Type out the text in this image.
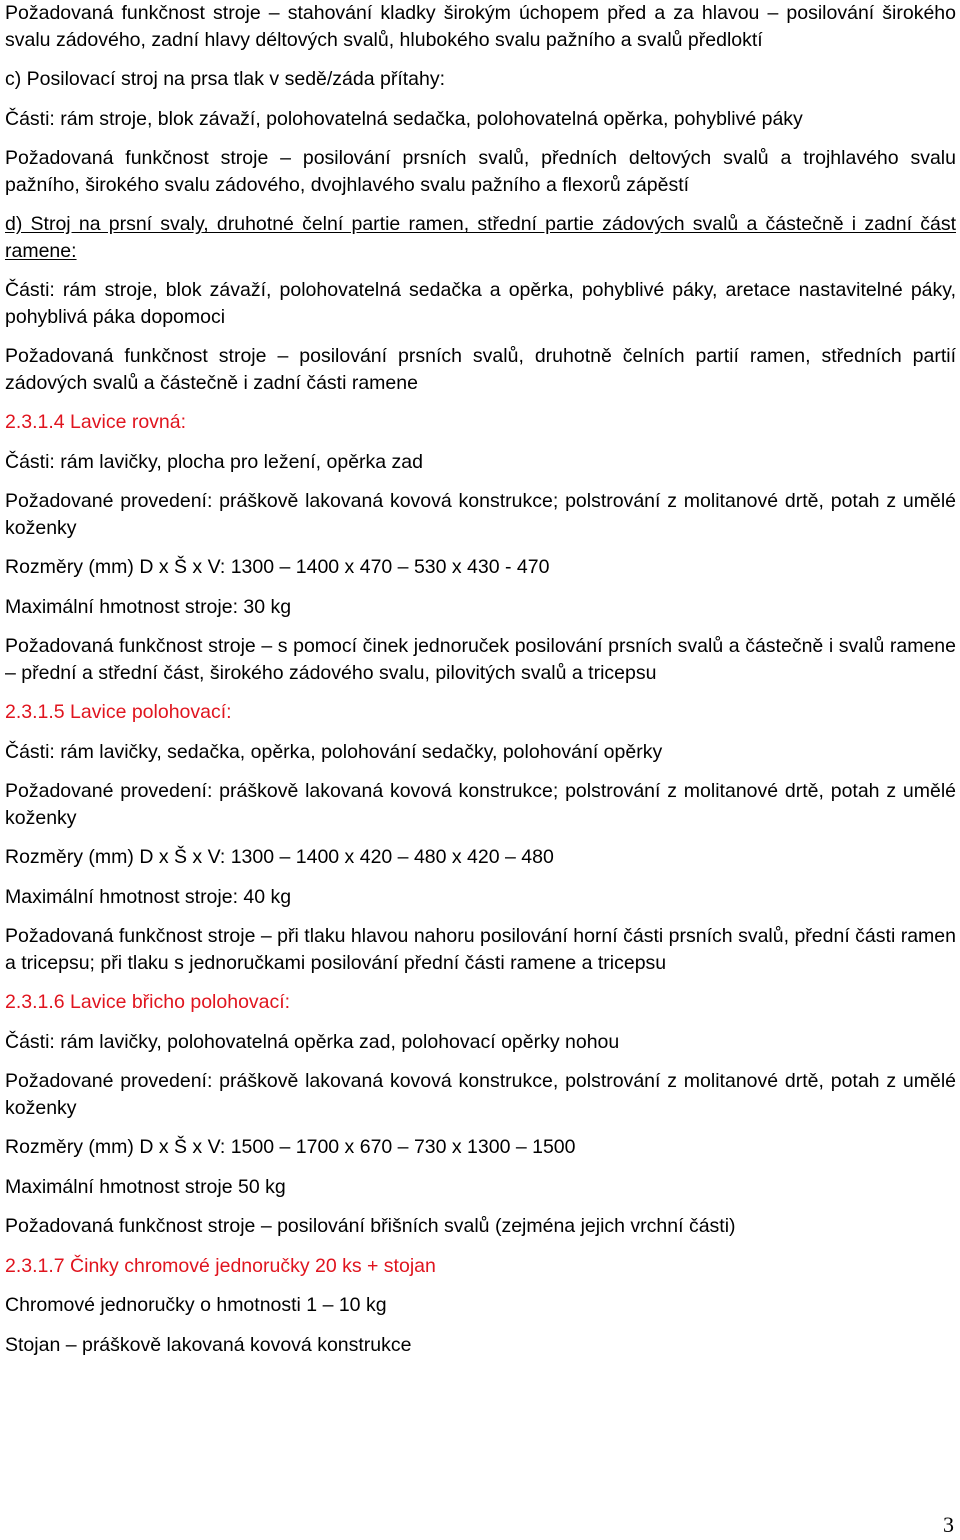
Požadovaná funkčnost stroje – stahování kladky širokým úchopem před a za hlavou – posilování širokého svalu zádového, zadní hlavy déltových svalů, hlubokého svalu pažního a svalů předloktí

c) Posilovací stroj na prsa tlak v sedě/záda přítahy:

Části: rám stroje, blok závaží, polohovatelná sedačka, polohovatelná opěrka, pohyblivé páky

Požadovaná funkčnost stroje – posilování prsních svalů, předních deltových svalů a trojhlavého svalu pažního, širokého svalu zádového, dvojhlavého svalu pažního a flexorů zápěstí

d) Stroj na prsní svaly, druhotné čelní partie ramen, střední partie zádových svalů a částečně i zadní část ramene:

Části: rám stroje, blok závaží, polohovatelná sedačka a opěrka, pohyblivé páky, aretace nastavitelné páky, pohyblivá páka dopomoci

Požadovaná funkčnost stroje – posilování prsních svalů, druhotně čelních partií ramen, středních partií zádových svalů a částečně i zadní části ramene

2.3.1.4 Lavice rovná:

Části: rám lavičky, plocha pro ležení, opěrka zad

Požadované provedení: práškově lakovaná kovová konstrukce; polstrování z molitanové drtě, potah z umělé koženky

Rozměry (mm) D x Š x V: 1300 – 1400 x 470 – 530 x 430 - 470

Maximální hmotnost stroje: 30 kg

Požadovaná funkčnost stroje – s pomocí činek jednoruček posilování prsních svalů a částečně i svalů ramene – přední a střední část, širokého zádového svalu, pilovitých svalů a tricepsu

2.3.1.5 Lavice polohovací:

Části: rám lavičky, sedačka, opěrka, polohování sedačky, polohování opěrky

Požadované provedení: práškově lakovaná kovová konstrukce; polstrování z molitanové drtě, potah z umělé koženky

Rozměry (mm) D x Š x V: 1300 – 1400 x 420 – 480 x 420 – 480

Maximální hmotnost stroje: 40 kg

Požadovaná funkčnost stroje – při tlaku hlavou nahoru posilování horní části prsních svalů, přední části ramen a tricepsu; při tlaku s jednoručkami posilování přední části ramene a tricepsu

2.3.1.6 Lavice břicho polohovací:

Části: rám lavičky, polohovatelná opěrka zad, polohovací opěrky nohou

Požadované provedení: práškově lakovaná kovová konstrukce, polstrování z molitanové drtě, potah z umělé koženky

Rozměry (mm) D x Š x V: 1500 – 1700 x 670 – 730 x 1300 – 1500

Maximální hmotnost stroje 50 kg

Požadovaná funkčnost stroje – posilování břišních svalů (zejména jejich vrchní části)

2.3.1.7 Činky chromové jednoručky 20 ks + stojan

Chromové jednoručky o hmotnosti 1 – 10 kg

Stojan – práškově lakovaná kovová konstrukce

3
